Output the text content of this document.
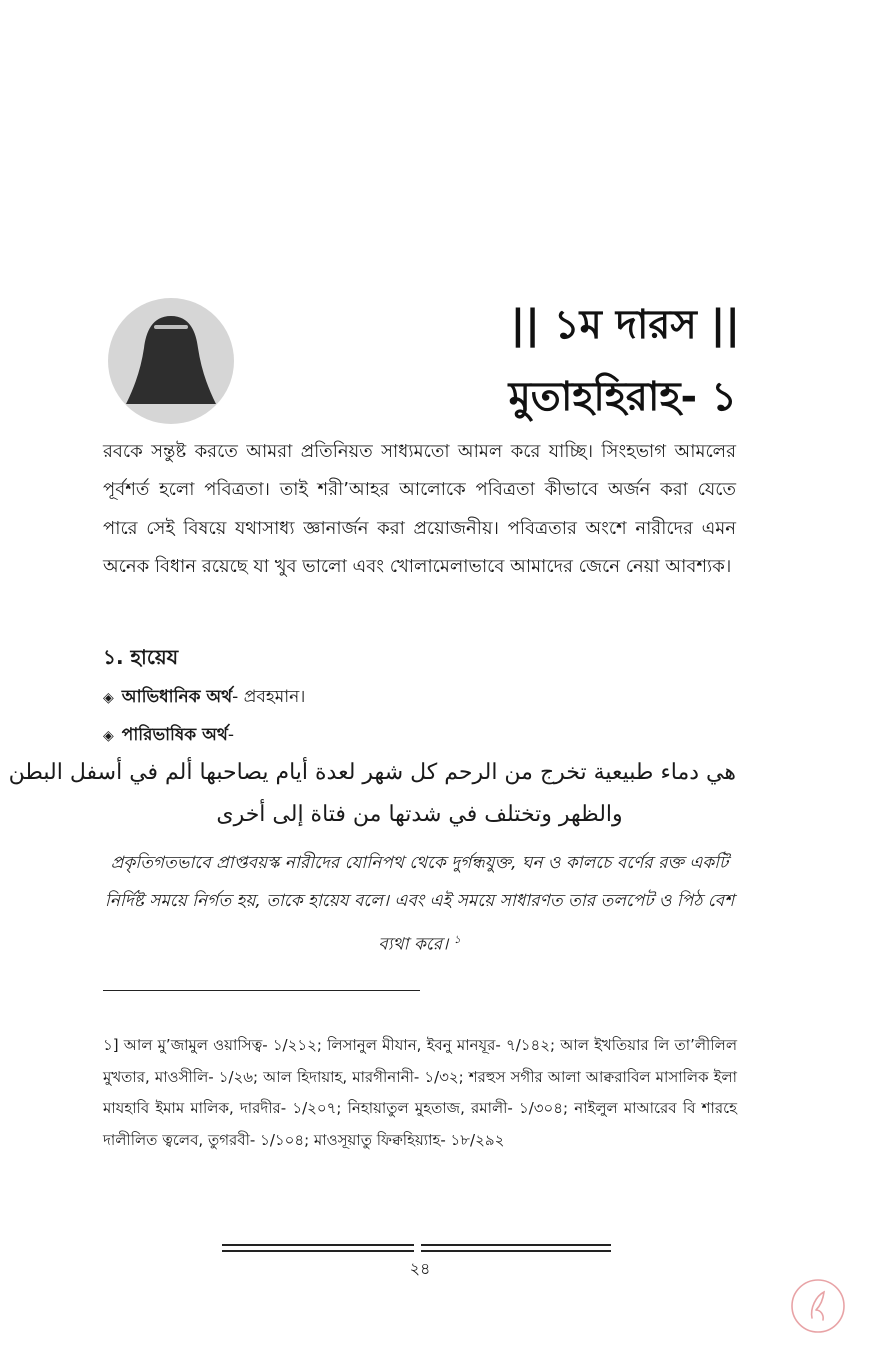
|| ১ম দারস ||
মুতাহহিরাহ- ১

রবকে সন্তুষ্ট করতে আমরা প্রতিনিয়ত সাধ্যমতো আমল করে যাচ্ছি। সিংহভাগ আমলের পূর্বশর্ত হলো পবিত্রতা। তাই শরী’আহর আলোকে পবিত্রতা কীভাবে অর্জন করা যেতে পারে সেই বিষয়ে যথাসাধ্য জ্ঞানার্জন করা প্রয়োজনীয়। পবিত্রতার অংশে নারীদের এমন অনেক বিধান রয়েছে যা খুব ভালো এবং খোলামেলাভাবে আমাদের জেনে নেয়া আবশ্যক।

১. হায়েয
◈ আভিধানিক অর্থ- প্রবহমান।
◈ পারিভাষিক অর্থ-
هي دماء طبيعية تخرج من الرحم كل شهر لعدة أيام يصاحبها ألم في أسفل البطن
والظهر وتختلف في شدتها من فتاة إلى أخرى

প্রকৃতিগতভাবে প্রাপ্তবয়স্ক নারীদের যোনিপথ থেকে দুর্গন্ধযুক্ত, ঘন ও কালচে বর্ণের রক্ত একটি নির্দিষ্ট সময়ে নির্গত হয়, তাকে হায়েয বলে। এবং এই সময়ে সাধারণত তার তলপেট ও পিঠ বেশ ব্যথা করে। $^১$

১] আল মু’জামুল ওয়াসিত্ব- ১/২১২; লিসানুল মীযান, ইবনু মানযূর- ৭/১৪২; আল ইখতিয়ার লি তা’লীলিল মুখতার, মাওসীলি- ১/২৬; আল হিদায়াহ, মারগীনানী- ১/৩২; শরহুস সগীর আলা আক্বরাবিল মাসালিক ইলা মাযহাবি ইমাম মালিক, দারদীর- ১/২০৭; নিহায়াতুল মুহতাজ, রমালী- ১/৩০৪; নাইলুল মাআরেব বি শারহে দালীলিত ত্বলেব, তুগরবী- ১/১০৪; মাওসূয়াতু ফিক্বহিয়্যাহ- ১৮/২৯২

২৪
